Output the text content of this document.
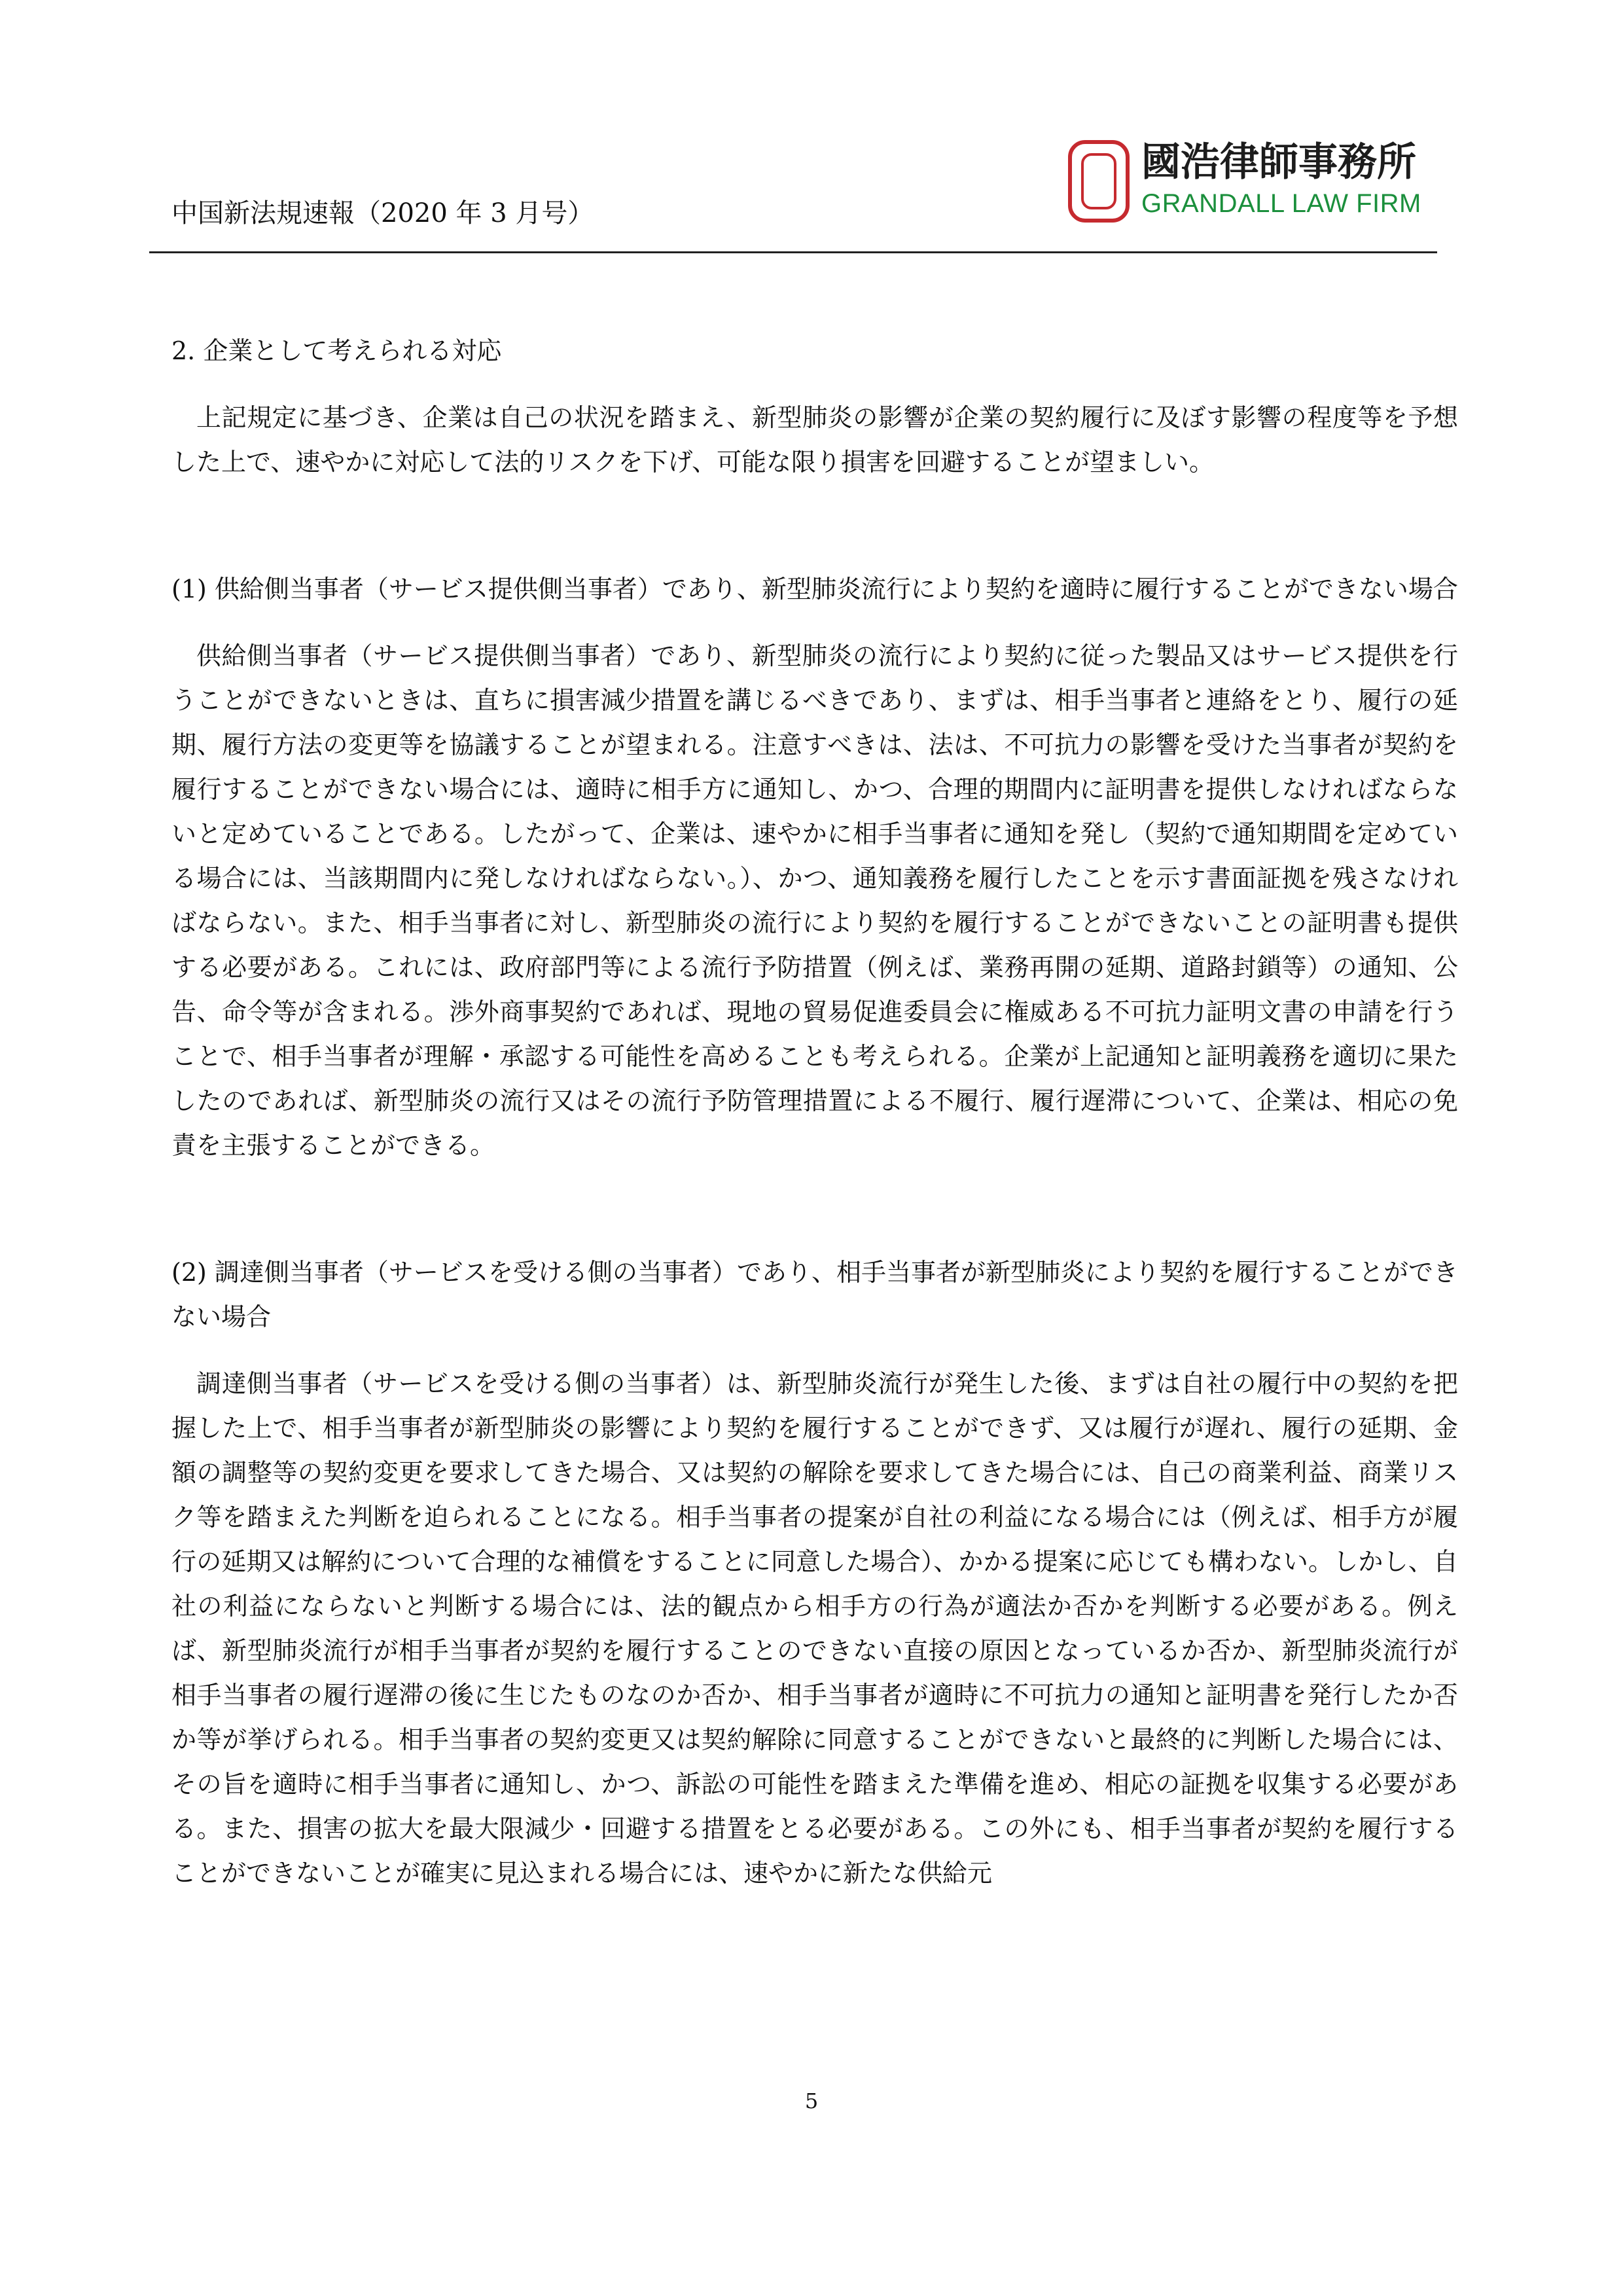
中国新法規速報（2020 年 3 月号）
國浩律師事務所
GRANDALL LAW FIRM

2. 企業として考えられる対応

上記規定に基づき、企業は自己の状況を踏まえ、新型肺炎の影響が企業の契約履行に及ぼす影響の程度等を予想した上で、速やかに対応して法的リスクを下げ、可能な限り損害を回避することが望ましい。

(1) 供給側当事者（サービス提供側当事者）であり、新型肺炎流行により契約を適時に履行することができない場合

供給側当事者（サービス提供側当事者）であり、新型肺炎の流行により契約に従った製品又はサービス提供を行うことができないときは、直ちに損害減少措置を講じるべきであり、まずは、相手当事者と連絡をとり、履行の延期、履行方法の変更等を協議することが望まれる。注意すべきは、法は、不可抗力の影響を受けた当事者が契約を履行することができない場合には、適時に相手方に通知し、かつ、合理的期間内に証明書を提供しなければならないと定めていることである。したがって、企業は、速やかに相手当事者に通知を発し（契約で通知期間を定めている場合には、当該期間内に発しなければならない。）、かつ、通知義務を履行したことを示す書面証拠を残さなければならない。また、相手当事者に対し、新型肺炎の流行により契約を履行することができないことの証明書も提供する必要がある。これには、政府部門等による流行予防措置（例えば、業務再開の延期、道路封鎖等）の通知、公告、命令等が含まれる。渉外商事契約であれば、現地の貿易促進委員会に権威ある不可抗力証明文書の申請を行うことで、相手当事者が理解・承認する可能性を高めることも考えられる。企業が上記通知と証明義務を適切に果たしたのであれば、新型肺炎の流行又はその流行予防管理措置による不履行、履行遅滞について、企業は、相応の免責を主張することができる。

(2) 調達側当事者（サービスを受ける側の当事者）であり、相手当事者が新型肺炎により契約を履行することができない場合

調達側当事者（サービスを受ける側の当事者）は、新型肺炎流行が発生した後、まずは自社の履行中の契約を把握した上で、相手当事者が新型肺炎の影響により契約を履行することができず、又は履行が遅れ、履行の延期、金額の調整等の契約変更を要求してきた場合、又は契約の解除を要求してきた場合には、自己の商業利益、商業リスク等を踏まえた判断を迫られることになる。相手当事者の提案が自社の利益になる場合には（例えば、相手方が履行の延期又は解約について合理的な補償をすることに同意した場合）、かかる提案に応じても構わない。しかし、自社の利益にならないと判断する場合には、法的観点から相手方の行為が適法か否かを判断する必要がある。例えば、新型肺炎流行が相手当事者が契約を履行することのできない直接の原因となっているか否か、新型肺炎流行が相手当事者の履行遅滞の後に生じたものなのか否か、相手当事者が適時に不可抗力の通知と証明書を発行したか否か等が挙げられる。相手当事者の契約変更又は契約解除に同意することができないと最終的に判断した場合には、その旨を適時に相手当事者に通知し、かつ、訴訟の可能性を踏まえた準備を進め、相応の証拠を収集する必要がある。また、損害の拡大を最大限減少・回避する措置をとる必要がある。この外にも、相手当事者が契約を履行することができないことが確実に見込まれる場合には、速やかに新たな供給元

5
